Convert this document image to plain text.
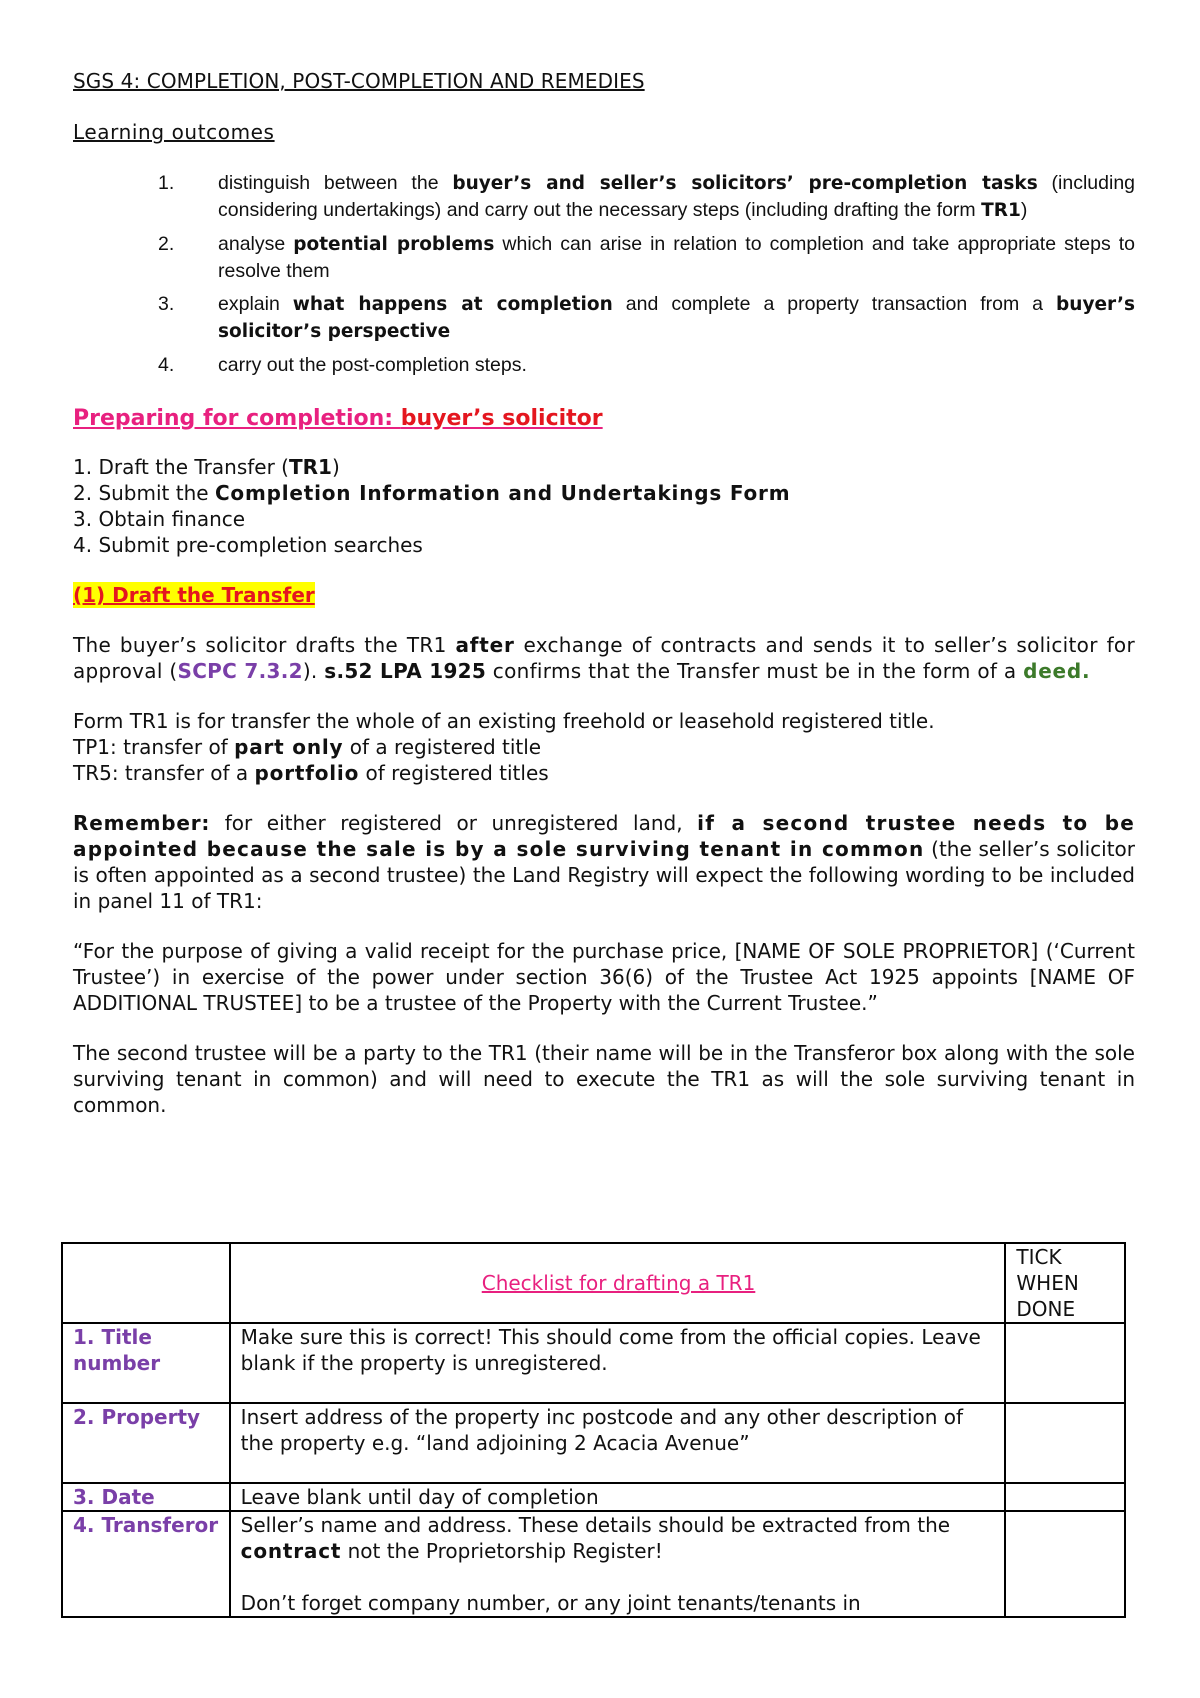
SGS 4: COMPLETION, POST-COMPLETION AND REMEDIES

Learning outcomes

1. distinguish between the buyer’s and seller’s solicitors’ pre-completion tasks (including considering undertakings) and carry out the necessary steps (including drafting the form TR1)
2. analyse potential problems which can arise in relation to completion and take appropriate steps to resolve them
3. explain what happens at completion and complete a property transaction from a buyer’s solicitor’s perspective
4. carry out the post-completion steps.

Preparing for completion: buyer’s solicitor

1. Draft the Transfer (TR1)

2. Submit the Completion Information and Undertakings Form

3. Obtain finance

4. Submit pre-completion searches

(1) Draft the Transfer

The buyer’s solicitor drafts the TR1 after exchange of contracts and sends it to seller’s solicitor for approval (SCPC 7.3.2). s.52 LPA 1925 confirms that the Transfer must be in the form of a deed.

Form TR1 is for transfer the whole of an existing freehold or leasehold registered title.

TP1: transfer of part only of a registered title

TR5: transfer of a portfolio of registered titles

Remember: for either registered or unregistered land, if a second trustee needs to be appointed because the sale is by a sole surviving tenant in common (the seller’s solicitor is often appointed as a second trustee) the Land Registry will expect the following wording to be included in panel 11 of TR1:

“For the purpose of giving a valid receipt for the purchase price, [NAME OF SOLE PROPRIETOR] (‘Current Trustee’) in exercise of the power under section 36(6) of the Trustee Act 1925 appoints [NAME OF ADDITIONAL TRUSTEE] to be a trustee of the Property with the Current Trustee.”

The second trustee will be a party to the TR1 (their name will be in the Transferor box along with the sole surviving tenant in common) and will need to execute the TR1 as will the sole surviving tenant in common.

	Checklist for drafting a TR1	TICK WHEN DONE
1. Title number	Make sure this is correct! This should come from the official copies. Leave blank if the property is unregistered.	
2. Property	Insert address of the property inc postcode and any other description of the property e.g. “land adjoining 2 Acacia Avenue”	
3. Date	Leave blank until day of completion	
4. Transferor	Seller’s name and address. These details should be extracted from the contract not the Proprietorship Register!

Don’t forget company number, or any joint tenants/tenants in	
